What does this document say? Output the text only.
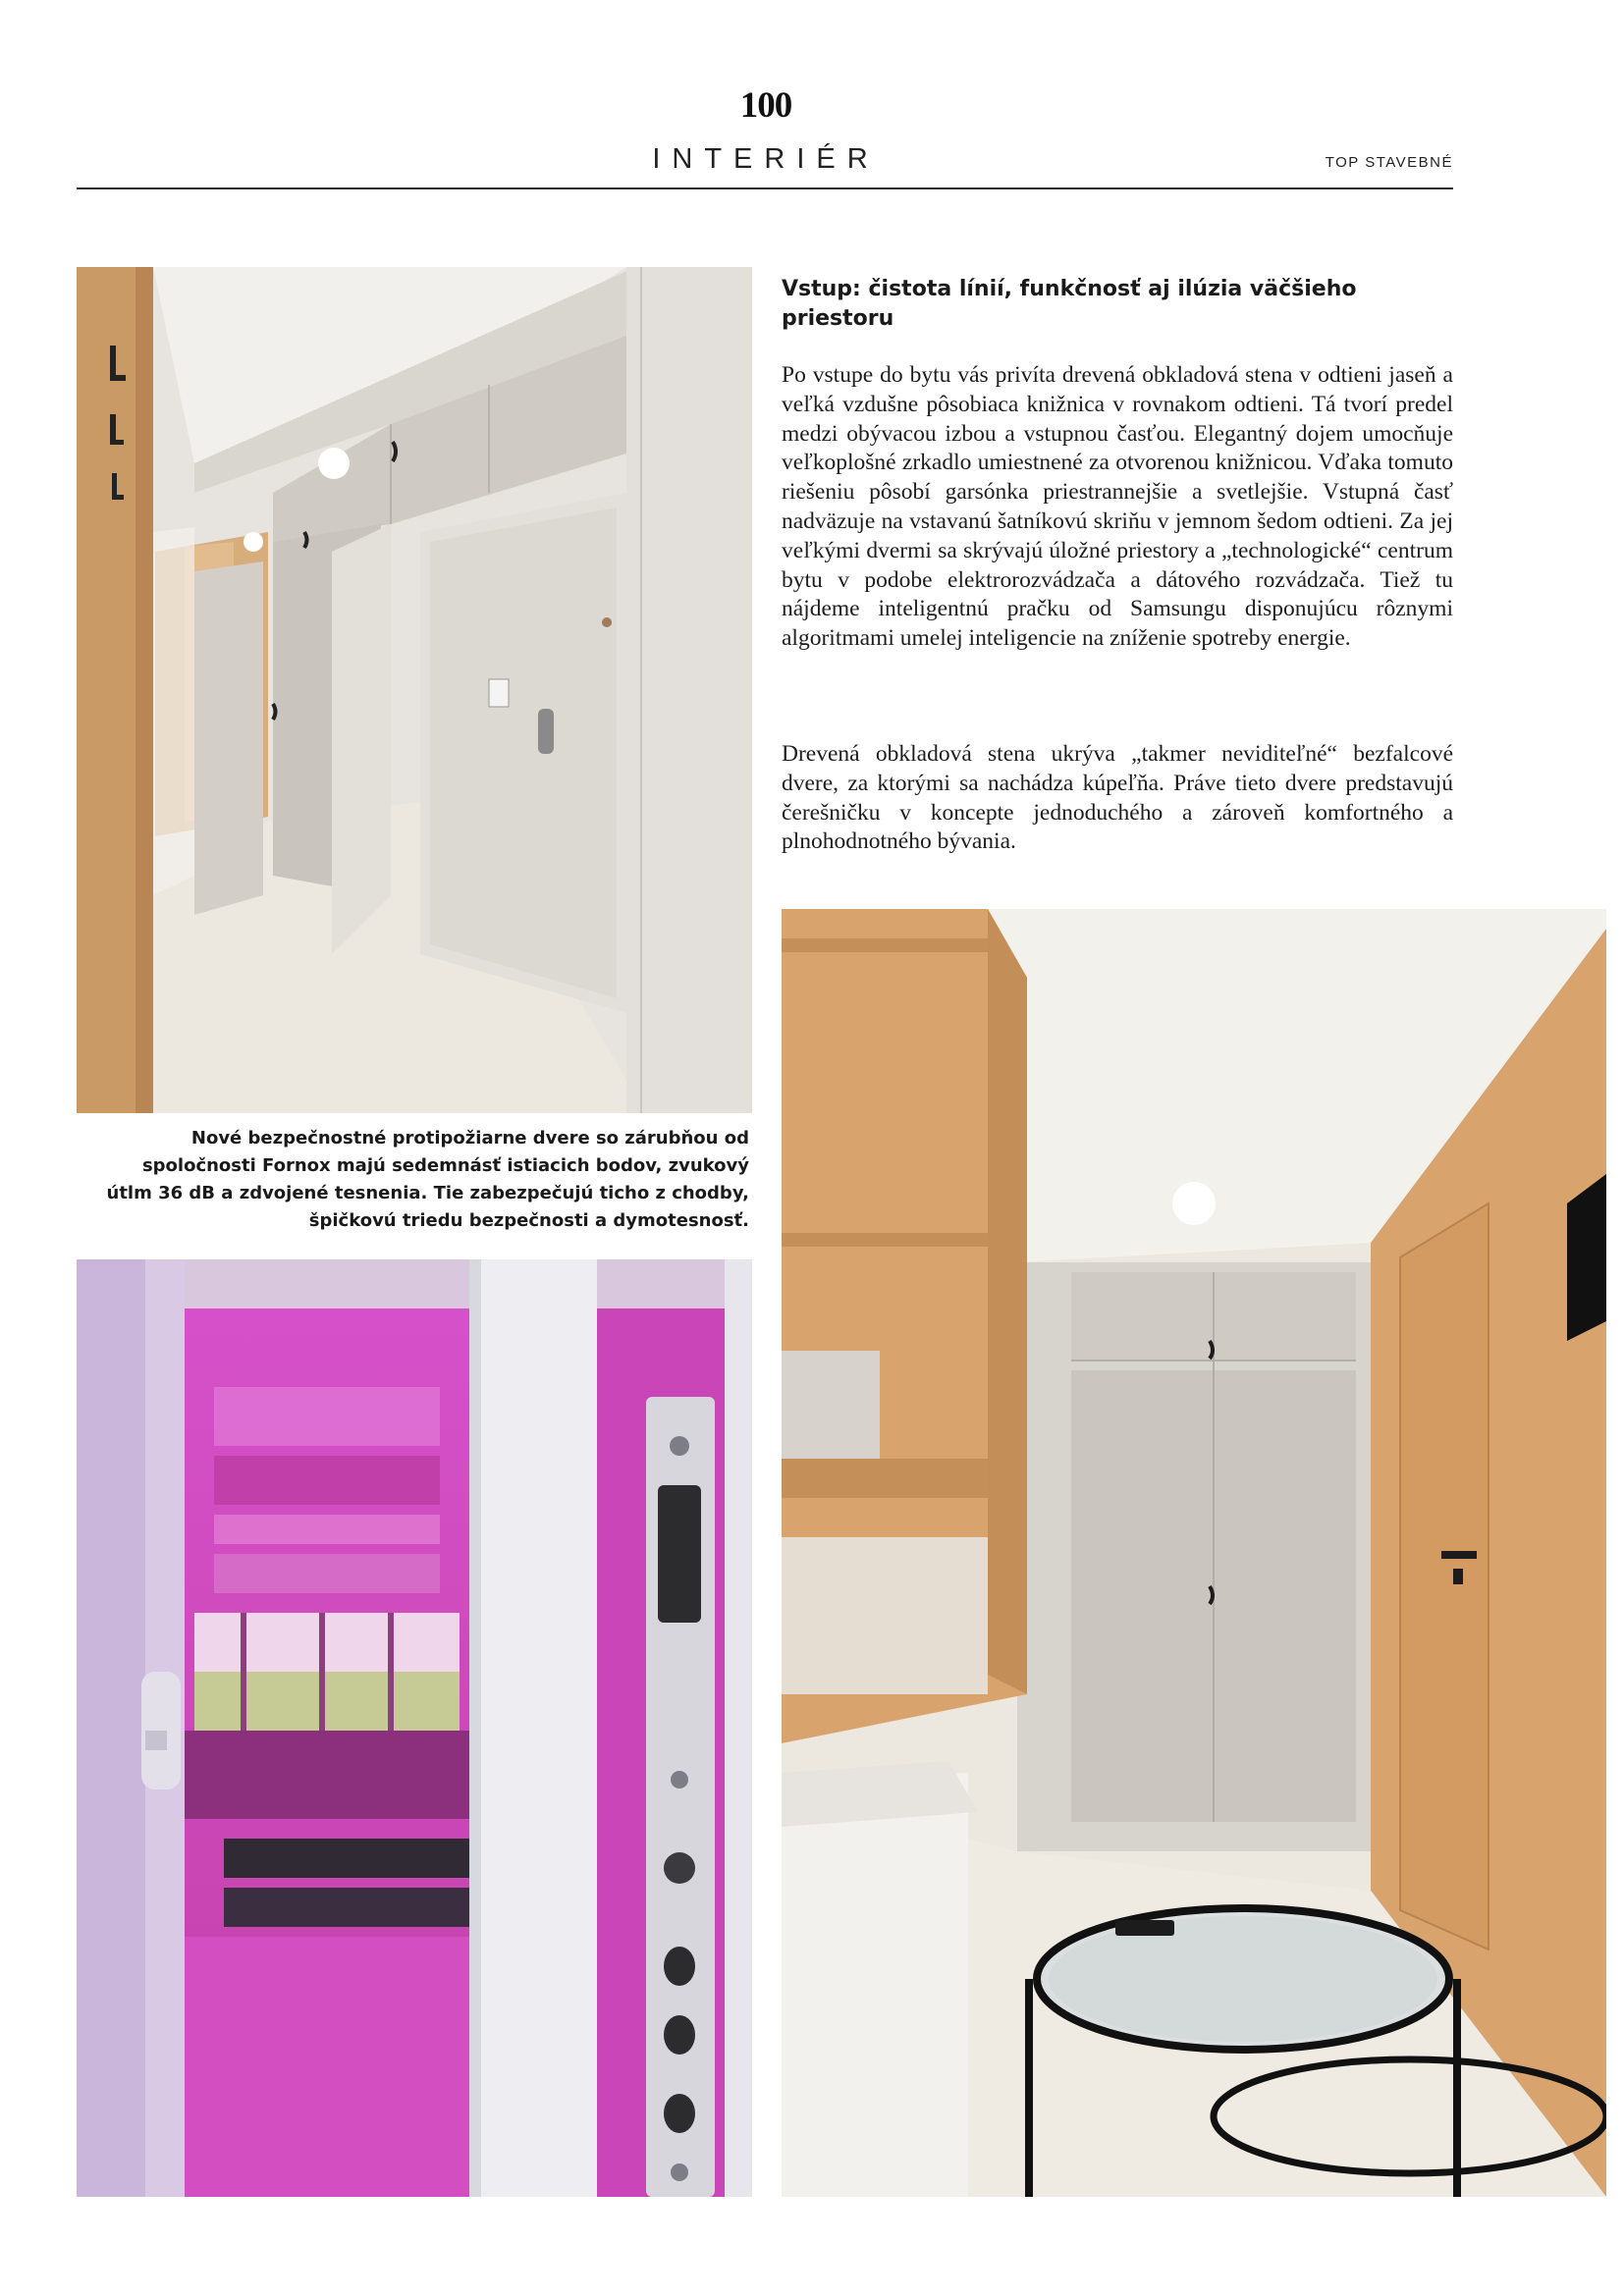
100
INTERIÉR	TOP STAVEBNÉ
Nové bezpečnostné protipožiarne dvere so zárubňou od spoločnosti Fornox majú sedemnásť istiacich bodov, zvukový útlm 36 dB a zdvojené tesnenia. Tie zabezpečujú ticho z chodby, špičkovú triedu bezpečnosti a dymotesnosť.
Vstup: čistota línií, funkčnosť aj ilúzia väčšieho priestoru
Po vstupe do bytu vás privíta drevená obkladová stena v odtieni jaseň a veľká vzdušne pôsobiaca knižnica v rovnakom odtieni. Tá tvorí predel medzi obývacou izbou a vstupnou časťou. Elegantný dojem umocňuje veľkoplošné zrkadlo umiestnené za otvorenou knižnicou. Vďaka tomuto riešeniu pôsobí garsónka priestrannejšie a svetlejšie. Vstupná časť nadväzuje na vstavanú šatníkovú skriňu v jemnom šedom odtieni. Za jej veľkými dvermi sa skrývajú úložné priestory a „technologické“ centrum bytu v podobe elektrorozvádzača a dátového rozvádzača. Tiež tu nájdeme inteligentnú pračku od Samsungu disponujúcu rôznymi algoritmami umelej inteligencie na zníženie spotreby energie.
Drevená obkladová stena ukrýva „takmer neviditeľné“ bezfalcové dvere, za ktorými sa nachádza kúpeľňa. Práve tieto dvere predstavujú čerešničku v koncepte jednoduchého a zároveň komfortného a plnohodnotného bývania.
